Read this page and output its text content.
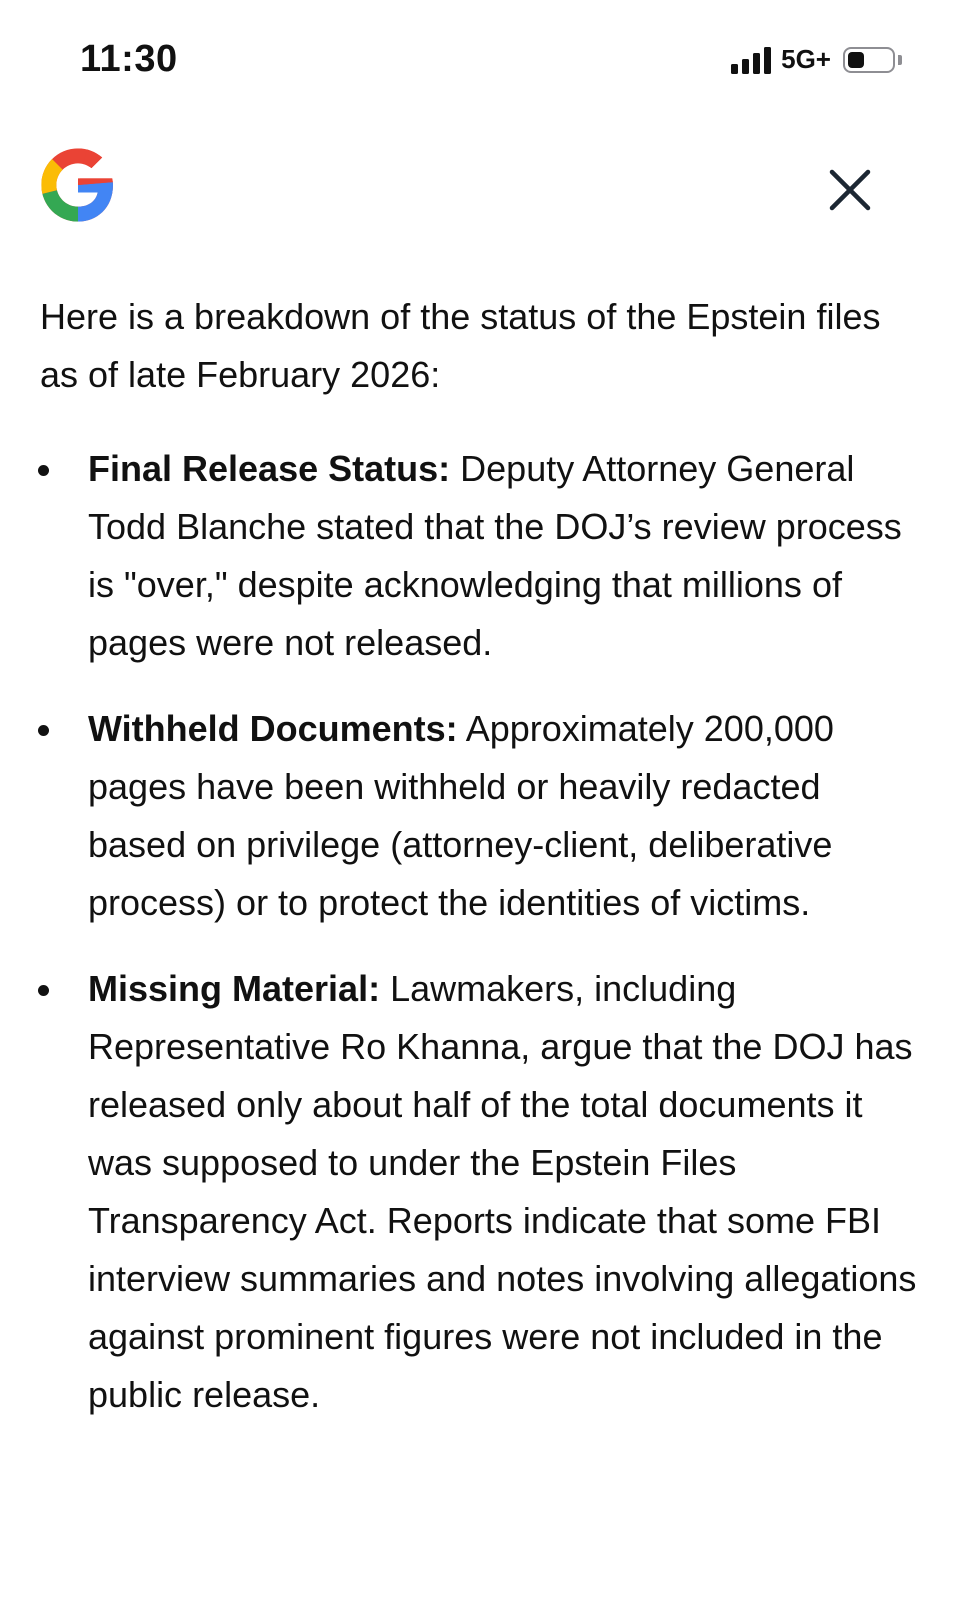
11:30	5G+

Here is a breakdown of the status of the Epstein files as of late February 2026:

Final Release Status: Deputy Attorney General Todd Blanche stated that the DOJ’s review process is "over," despite acknowledging that millions of pages were not released.
Withheld Documents: Approximately 200,000 pages have been withheld or heavily redacted based on privilege (attorney-client, deliberative process) or to protect the identities of victims.
Missing Material: Lawmakers, including Representative Ro Khanna, argue that the DOJ has released only about half of the total documents it was supposed to under the Epstein Files Transparency Act. Reports indicate that some FBI interview summaries and notes involving allegations against prominent figures were not included in the public release.
